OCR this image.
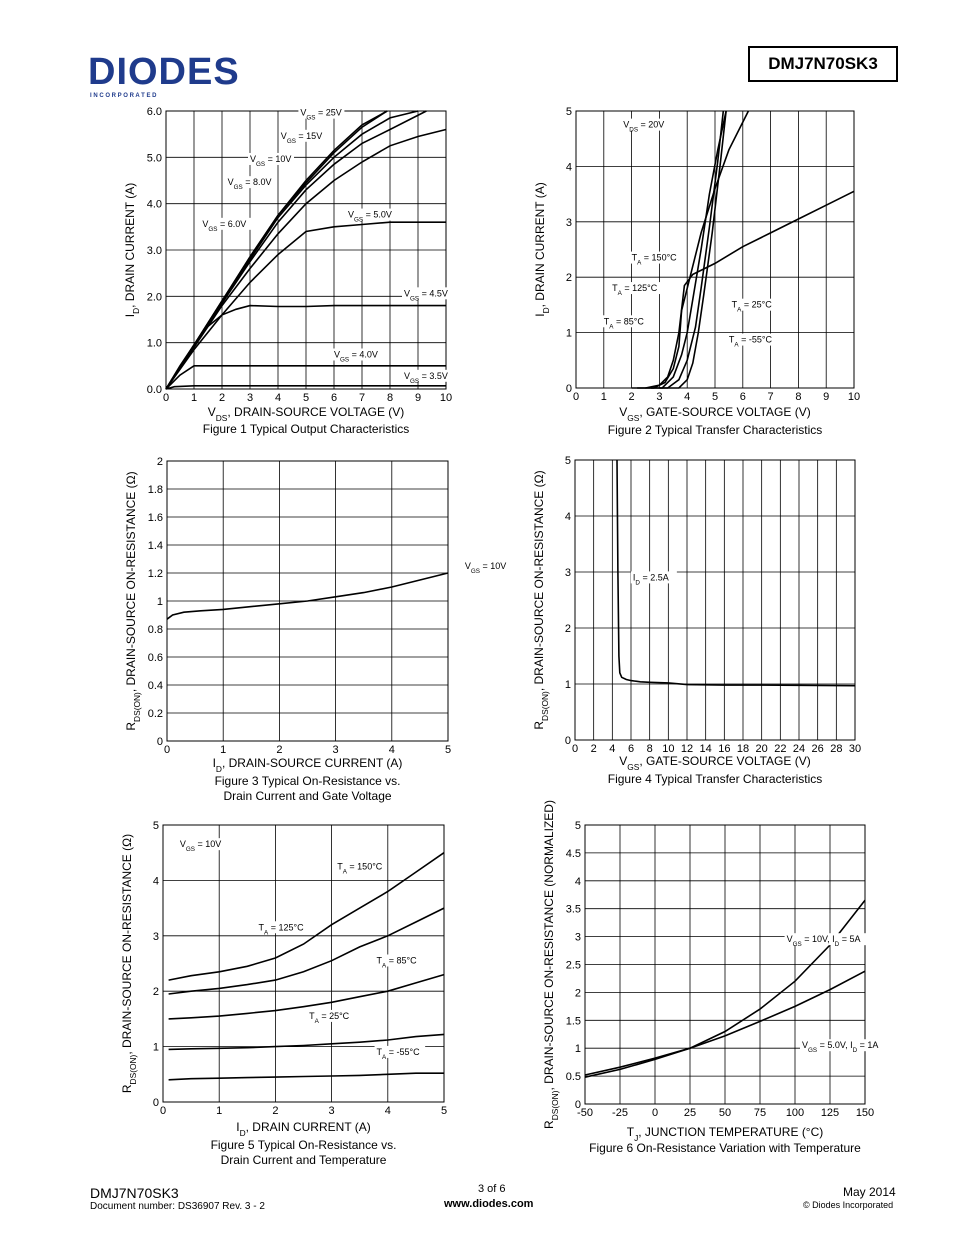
DIODES
I N C O R P O R A T E D
DMJ7N70SK3
0 1 2 3 4 5 6 7 8 9 10
0.0
1.0
2.0
3.0
4.0
5.0
6.0	$V_{GS} = 25V$
$V_{GS} = 15V$
$V_{GS} = 10V$
$V_{GS} = 8.0V$
$V_{GS} = 6.0V$
$V_{GS} = 5.0V$
$V_{GS} = 4.5V$
$V_{GS} = 4.0V$
$V_{GS} = 3.5V$
$V_{DS}$, DRAIN-SOURCE VOLTAGE (V)
$I_D$, DRAIN CURRENT (A)
Figure 1 Typical Output Characteristics
0 1 2 3 4 5 6 7 8 9 10
0
1
2
3
4
5
$T_A = 150^\circ C$
$T_A = 125^\circ C$
$T_A = 85^\circ C$
$T_A = 25^\circ C$
$T_A = -55^\circ C$
$V_{DS} = 20V$
$V_{GS}$, GATE-SOURCE VOLTAGE (V)
$I_D$, DRAIN CURRENT (A)
Figure 2 Typical Transfer Characteristics
0	1	2	3	4	5
0
0.2
0.4
0.6
0.8
1
1.2
1.4
1.6
1.8
2
$V_{GS} = 10V$
$I_D$, DRAIN-SOURCE CURRENT (A)
$R_{DS(ON)}$, DRAIN-SOURCE ON-RESISTANCE (Ω)
Figure 3 Typical On-Resistance vs.
Drain Current and Gate Voltage
0 2 4 6 8 10 12 14 16 18 20 22 24 26 28 30
0
1
2
3
4
5
$I_D = 2.5A$
$V_{GS}$, GATE-SOURCE VOLTAGE (V)
$R_{DS(ON)}$, DRAIN-SOURCE ON-RESISTANCE (Ω)
Figure 4 Typical Transfer Characteristics
0	1	2	3	4	5
0
1
2
3
4
5
$T_A = 150^\circ C$
$T_A = 125^\circ C$
$T_A = 85^\circ C$
$T_A = 25^\circ C$
$T_A = -55^\circ C$
$V_{GS} = 10V$
$I_D$, DRAIN CURRENT (A)
$R_{DS(ON)}$, DRAIN-SOURCE ON-RESISTANCE (Ω)
Figure 5 Typical On-Resistance vs.
Drain Current and Temperature
-50 -25 0 25 50 75 100 125 150
0
0.5
1
1.5
2
2.5
3
3.5
4
4.5
5
$V_{GS} = 10V$, $I_D = 5A$
$V_{GS} = 5.0V$, $I_D = 1A$
$T_J$, JUNCTION TEMPERATURE (°C)
$R_{DS(ON)}$, DRAIN-SOURCE ON-RESISTANCE (NORMALIZED)
Figure 6 On-Resistance Variation with Temperature
DMJ7N70SK3
Document number: DS36907 Rev. 3 - 2
3 of 6
www.diodes.com
May 2014
© Diodes Incorporated
